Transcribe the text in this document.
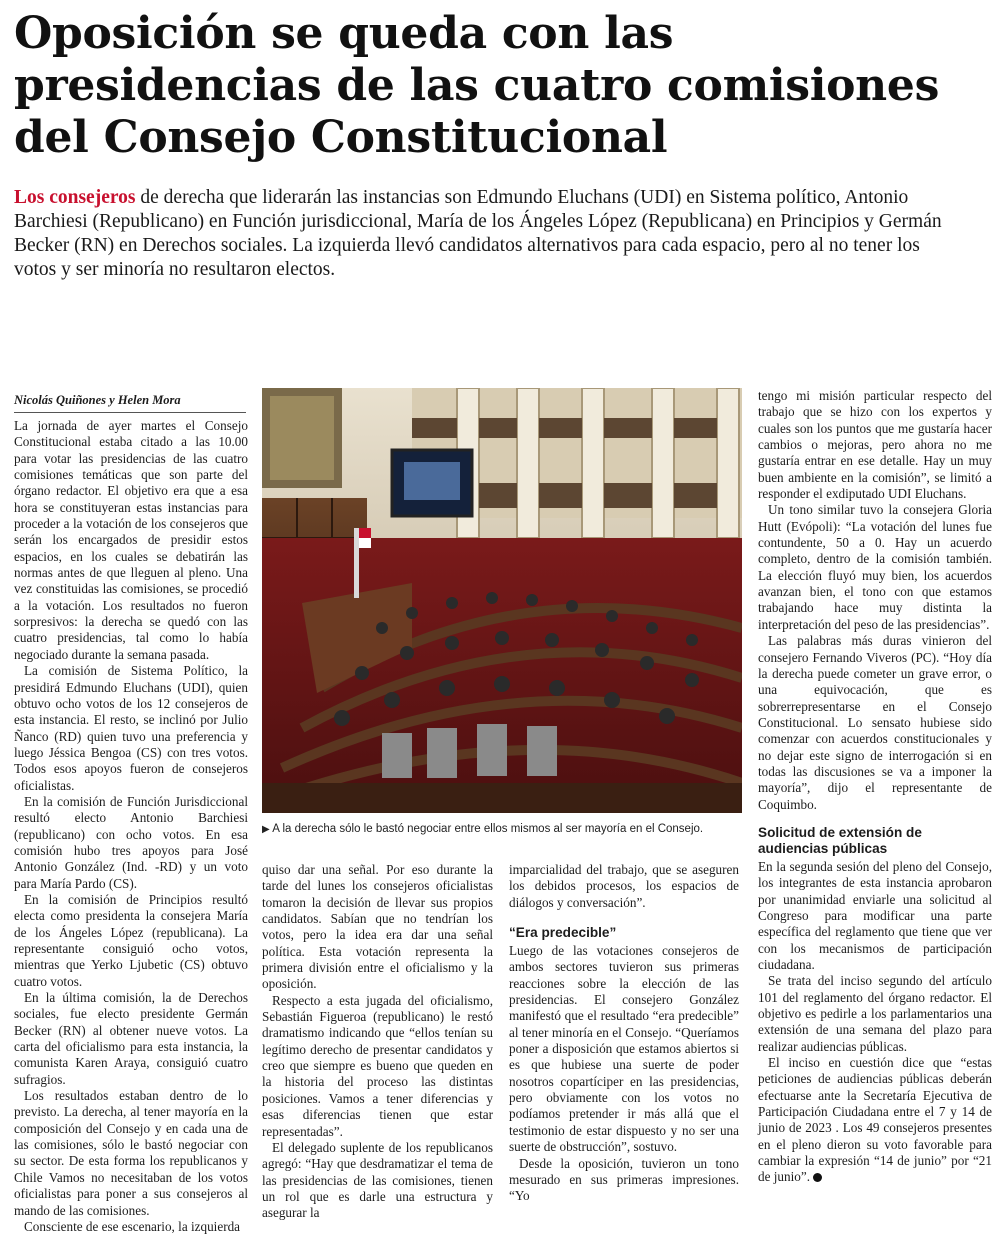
Oposición se queda con las presidencias de las cuatro comisiones del Consejo Constitucional

Los consejeros de derecha que liderarán las instancias son Edmundo Eluchans (UDI) en Sistema político, Antonio Barchiesi (Republicano) en Función jurisdiccional, María de los Ángeles López (Republicana) en Principios y Germán Becker (RN) en Derechos sociales. La izquierda llevó candidatos alternativos para cada espacio, pero al no tener los votos y ser minoría no resultaron electos.

Nicolás Quiñones y Helen Mora

La jornada de ayer martes el Consejo Constitucional estaba citado a las 10.00 para votar las presidencias de las cuatro comisiones temáticas que son parte del órgano redactor. El objetivo era que a esa hora se constituyeran estas instancias para proceder a la votación de los consejeros que serán los encargados de presidir estos espacios, en los cuales se debatirán las normas antes de que lleguen al pleno. Una vez constituidas las comisiones, se procedió a la votación. Los resultados no fueron sorpresivos: la derecha se quedó con las cuatro presidencias, tal como lo había negociado durante la semana pasada.

La comisión de Sistema Político, la presidirá Edmundo Eluchans (UDI), quien obtuvo ocho votos de los 12 consejeros de esta instancia. El resto, se inclinó por Julio Ñanco (RD) quien tuvo una preferencia y luego Jéssica Bengoa (CS) con tres votos. Todos esos apoyos fueron de consejeros oficialistas.

En la comisión de Función Jurisdiccional resultó electo Antonio Barchiesi (republicano) con ocho votos. En esa comisión hubo tres apoyos para José Antonio González (Ind. -RD) y un voto para María Pardo (CS).

En la comisión de Principios resultó electa como presidenta la consejera María de los Ángeles López (republicana). La representante consiguió ocho votos, mientras que Yerko Ljubetic (CS) obtuvo cuatro votos.

En la última comisión, la de Derechos sociales, fue electo presidente Germán Becker (RN) al obtener nueve votos. La carta del oficialismo para esta instancia, la comunista Karen Araya, consiguió cuatro sufragios.

Los resultados estaban dentro de lo previsto. La derecha, al tener mayoría en la composición del Consejo y en cada una de las comisiones, sólo le bastó negociar con su sector. De esta forma los republicanos y Chile Vamos no necesitaban de los votos oficialistas para poner a sus consejeros al mando de las comisiones.

Consciente de ese escenario, la izquierda

▶ A la derecha sólo le bastó negociar entre ellos mismos al ser mayoría en el Consejo.

quiso dar una señal. Por eso durante la tarde del lunes los consejeros oficialistas tomaron la decisión de llevar sus propios candidatos. Sabían que no tendrían los votos, pero la idea era dar una señal política. Esta votación representa la primera división entre el oficialismo y la oposición.

Respecto a esta jugada del oficialismo, Sebastián Figueroa (republicano) le restó dramatismo indicando que “ellos tenían su legítimo derecho de presentar candidatos y creo que siempre es bueno que queden en la historia del proceso las distintas posiciones. Vamos a tener diferencias y esas diferencias tienen que estar representadas”.

El delegado suplente de los republicanos agregó: “Hay que desdramatizar el tema de las presidencias de las comisiones, tienen un rol que es darle una estructura y asegurar la

imparcialidad del trabajo, que se aseguren los debidos procesos, los espacios de diálogos y conversación”.

“Era predecible”

Luego de las votaciones consejeros de ambos sectores tuvieron sus primeras reacciones sobre la elección de las presidencias. El consejero González manifestó que el resultado “era predecible” al tener minoría en el Consejo. “Queríamos poner a disposición que estamos abiertos si es que hubiese una suerte de poder nosotros copartíciper en las presidencias, pero obviamente con los votos no podíamos pretender ir más allá que el testimonio de estar dispuesto y no ser una suerte de obstrucción”, sostuvo.

Desde la oposición, tuvieron un tono mesurado en sus primeras impresiones. “Yo

tengo mi misión particular respecto del trabajo que se hizo con los expertos y cuales son los puntos que me gustaría hacer cambios o mejoras, pero ahora no me gustaría entrar en ese detalle. Hay un muy buen ambiente en la comisión”, se limitó a responder el exdiputado UDI Eluchans.

Un tono similar tuvo la consejera Gloria Hutt (Evópoli): “La votación del lunes fue contundente, 50 a 0. Hay un acuerdo completo, dentro de la comisión también. La elección fluyó muy bien, los acuerdos avanzan bien, el tono con que estamos trabajando hace muy distinta la interpretación del peso de las presidencias”.

Las palabras más duras vinieron del consejero Fernando Viveros (PC). “Hoy día la derecha puede cometer un grave error, o una equivocación, que es sobrerrepresentarse en el Consejo Constitucional. Lo sensato hubiese sido comenzar con acuerdos constitucionales y no dejar este signo de interrogación si en todas las discusiones se va a imponer la mayoría”, dijo el representante de Coquimbo.

Solicitud de extensión de audiencias públicas

En la segunda sesión del pleno del Consejo, los integrantes de esta instancia aprobaron por unanimidad enviarle una solicitud al Congreso para modificar una parte específica del reglamento que tiene que ver con los mecanismos de participación ciudadana.

Se trata del inciso segundo del artículo 101 del reglamento del órgano redactor. El objetivo es pedirle a los parlamentarios una extensión de una semana del plazo para realizar audiencias públicas.

El inciso en cuestión dice que “estas peticiones de audiencias públicas deberán efectuarse ante la Secretaría Ejecutiva de Participación Ciudadana entre el 7 y 14 de junio de 2023 . Los 49 consejeros presentes en el pleno dieron su voto favorable para cambiar la expresión “14 de junio” por “21 de junio”.
